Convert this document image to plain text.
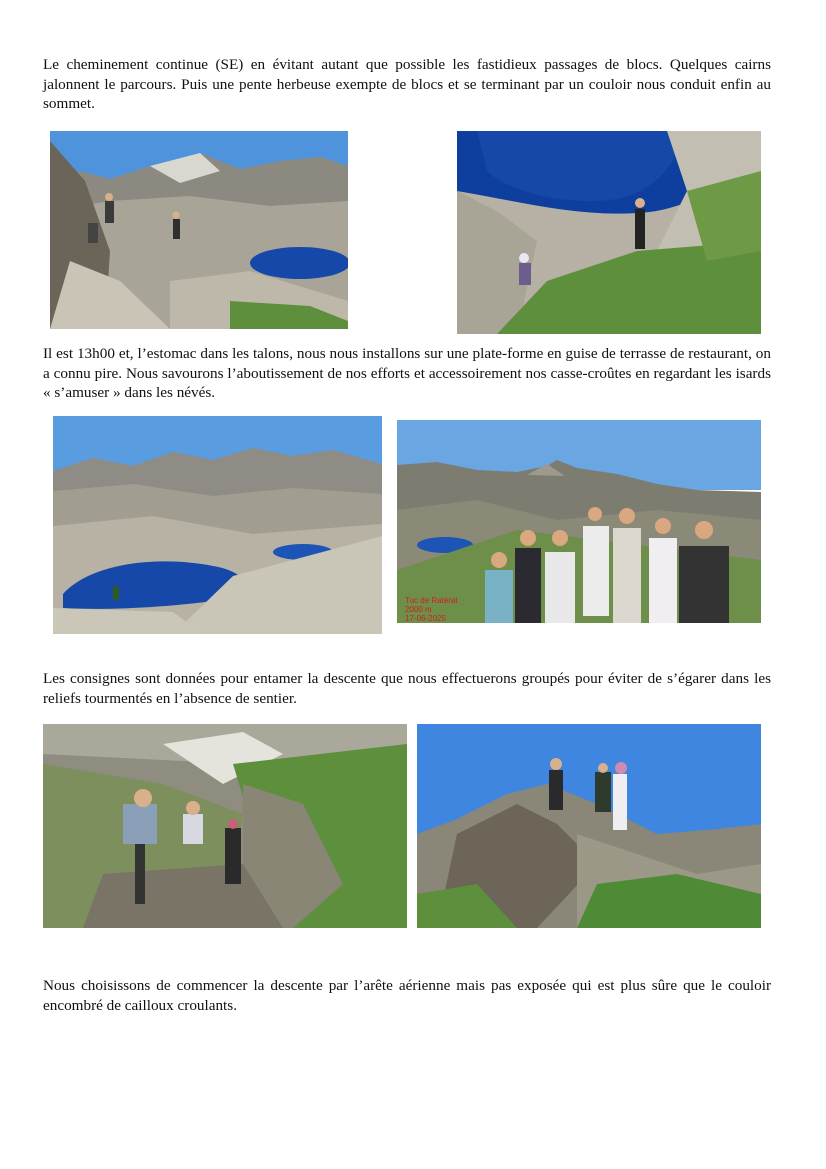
Le cheminement continue (SE) en évitant autant que possible les fastidieux passages de blocs. Quelques cairns jalonnent le parcours. Puis une pente herbeuse exempte de blocs et se terminant par un couloir nous conduit enfin au sommet.

Il est 13h00 et, l’estomac dans les talons, nous nous installons sur une plate-forme en guise de terrasse de restaurant, on a connu pire. Nous savourons l’aboutissement de nos efforts et accessoirement nos casse-croûtes en regardant les isards « s’amuser » dans les névés.

Tuc de Ratérat
2000 m
17-06-2025

Les consignes sont données pour entamer la descente que nous effectuerons groupés pour éviter de s’égarer dans les reliefs tourmentés en l’absence de sentier.

Nous choisissons de commencer la descente par l’arête aérienne mais pas exposée qui est plus sûre que le couloir encombré de cailloux croulants.
